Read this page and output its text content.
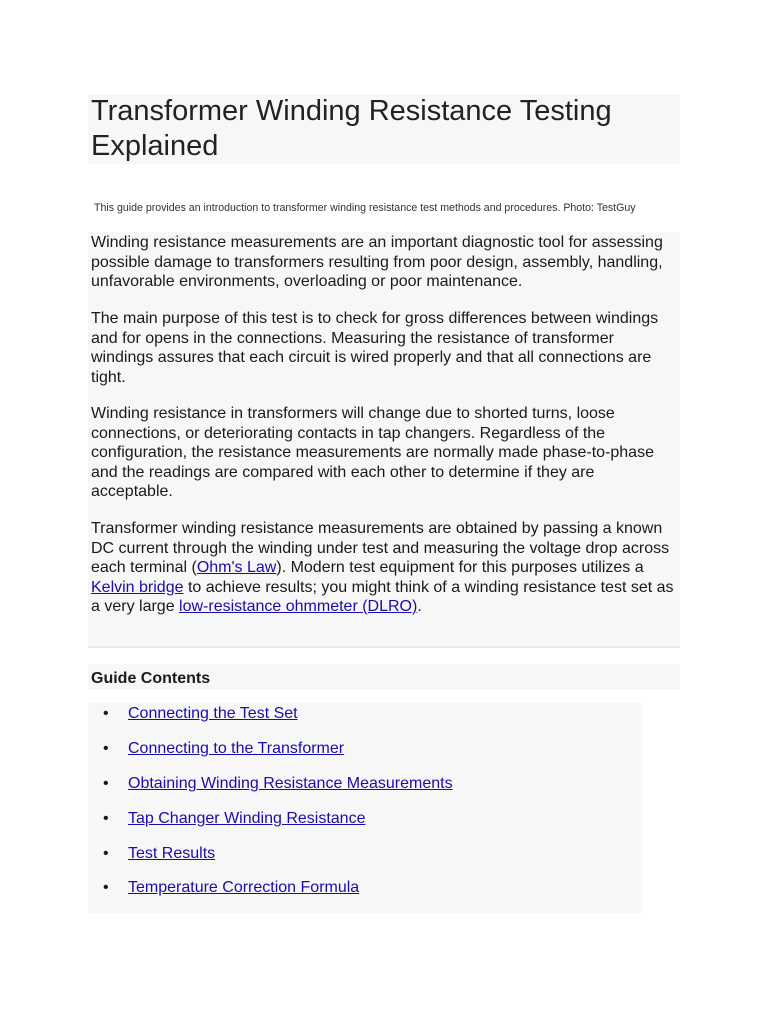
Transformer Winding Resistance Testing Explained
This guide provides an introduction to transformer winding resistance test methods and procedures. Photo: TestGuy

Winding resistance measurements are an important diagnostic tool for assessing possible damage to transformers resulting from poor design, assembly, handling, unfavorable environments, overloading or poor maintenance.

The main purpose of this test is to check for gross differences between windings and for opens in the connections. Measuring the resistance of transformer windings assures that each circuit is wired properly and that all connections are tight.

Winding resistance in transformers will change due to shorted turns, loose connections, or deteriorating contacts in tap changers. Regardless of the configuration, the resistance measurements are normally made phase-to-phase and the readings are compared with each other to determine if they are acceptable.

Transformer winding resistance measurements are obtained by passing a known DC current through the winding under test and measuring the voltage drop across each terminal (Ohm's Law). Modern test equipment for this purposes utilizes a Kelvin bridge to achieve results; you might think of a winding resistance test set as a very large low-resistance ohmmeter (DLRO).

Guide Contents
• Connecting the Test Set
• Connecting to the Transformer
• Obtaining Winding Resistance Measurements
• Tap Changer Winding Resistance
• Test Results
• Temperature Correction Formula
